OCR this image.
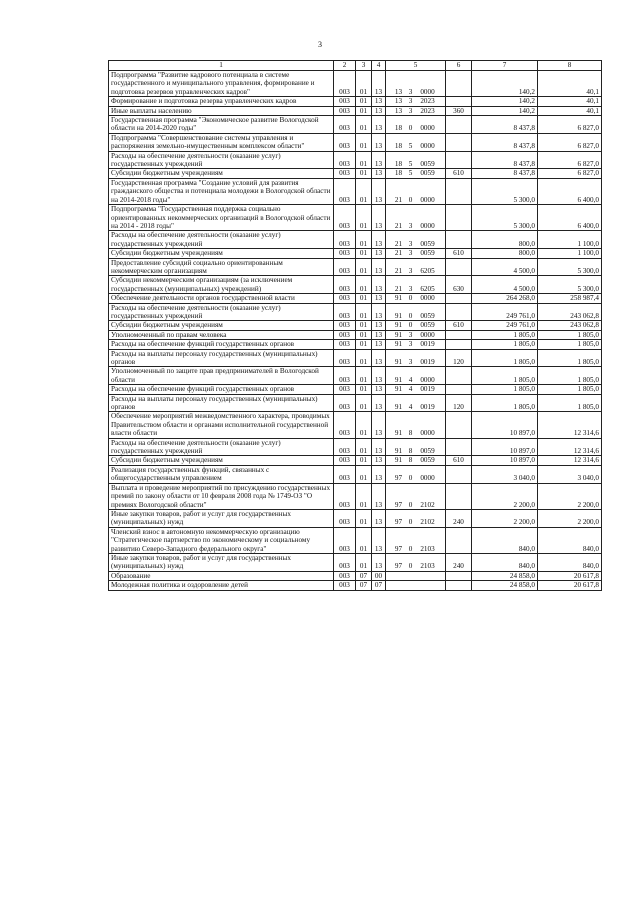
3
1	2	3	4	5	6	7	8
Подпрограмма "Развитие кадрового потенциала в системе государственного и муниципального управления, формирование и подготовка резервов управленческих кадров"	003	01	13	13 3 0000		140,2	40,1
Формирование и подготовка резерва управленческих кадров	003	01	13	13 3 2023		140,2	40,1
Иные выплаты населению	003	01	13	13 3 2023	360	140,2	40,1
Государственная программа "Экономическое развитие Вологодской области на 2014-2020 годы"	003	01	13	18 0 0000		8 437,8	6 827,0
Подпрограмма "Совершенствование системы управления и распоряжения земельно-имущественным комплексом области"	003	01	13	18 5 0000		8 437,8	6 827,0
Расходы на обеспечение деятельности (оказание услуг) государственных учреждений	003	01	13	18 5 0059		8 437,8	6 827,0
Субсидии бюджетным учреждениям	003	01	13	18 5 0059	610	8 437,8	6 827,0
Государственная программа "Создание условий для развития гражданского общества и потенциала молодежи в Вологодской области на 2014-2018 годы"	003	01	13	21 0 0000		5 300,0	6 400,0
Подпрограмма "Государственная поддержка социально ориентированных некоммерческих организаций в Вологодской области на 2014 - 2018 годы"	003	01	13	21 3 0000		5 300,0	6 400,0
Расходы на обеспечение деятельности (оказание услуг) государственных учреждений	003	01	13	21 3 0059		800,0	1 100,0
Субсидии бюджетным учреждениям	003	01	13	21 3 0059	610	800,0	1 100,0
Предоставление субсидий социально ориентированным некоммерческим организациям	003	01	13	21 3 6205		4 500,0	5 300,0
Субсидии некоммерческим организациям (за исключением государственных (муниципальных) учреждений)	003	01	13	21 3 6205	630	4 500,0	5 300,0
Обеспечение деятельности органов государственной власти	003	01	13	91 0 0000		264 268,0	258 987,4
Расходы на обеспечение деятельности (оказание услуг) государственных учреждений	003	01	13	91 0 0059		249 761,0	243 062,8
Субсидии бюджетным учреждениям	003	01	13	91 0 0059	610	249 761,0	243 062,8
Уполномоченный по правам человека	003	01	13	91 3 0000		1 805,0	1 805,0
Расходы на обеспечение функций государственных органов	003	01	13	91 3 0019		1 805,0	1 805,0
Расходы на выплаты персоналу государственных (муниципальных) органов	003	01	13	91 3 0019	120	1 805,0	1 805,0
Уполномоченный по защите прав предпринимателей в Вологодской области	003	01	13	91 4 0000		1 805,0	1 805,0
Расходы на обеспечение функций государственных органов	003	01	13	91 4 0019		1 805,0	1 805,0
Расходы на выплаты персоналу государственных (муниципальных) органов	003	01	13	91 4 0019	120	1 805,0	1 805,0
Обеспечение мероприятий межведомственного характера, проводимых Правительством области и органами исполнительной государственной власти области	003	01	13	91 8 0000		10 897,0	12 314,6
Расходы на обеспечение деятельности (оказание услуг) государственных учреждений	003	01	13	91 8 0059		10 897,0	12 314,6
Субсидии бюджетным учреждениям	003	01	13	91 8 0059	610	10 897,0	12 314,6
Реализация государственных функций, связанных с общегосударственным управлением	003	01	13	97 0 0000		3 040,0	3 040,0
Выплата и проведение мероприятий по присуждению государственных премий по закону области от 10 февраля 2008 года № 1749-ОЗ "О премиях Вологодской области"	003	01	13	97 0 2102		2 200,0	2 200,0
Иные закупки товаров, работ и услуг для государственных (муниципальных) нужд	003	01	13	97 0 2102	240	2 200,0	2 200,0
Членский взнос в автономную некоммерческую организацию "Стратегическое партнерство по экономическому и социальному развитию Северо-Западного федерального округа"	003	01	13	97 0 2103		840,0	840,0
Иные закупки товаров, работ и услуг для государственных (муниципальных) нужд	003	01	13	97 0 2103	240	840,0	840,0
Образование	003	07	00			24 858,0	20 617,8
Молодежная политика и оздоровление детей	003	07	07			24 858,0	20 617,8
